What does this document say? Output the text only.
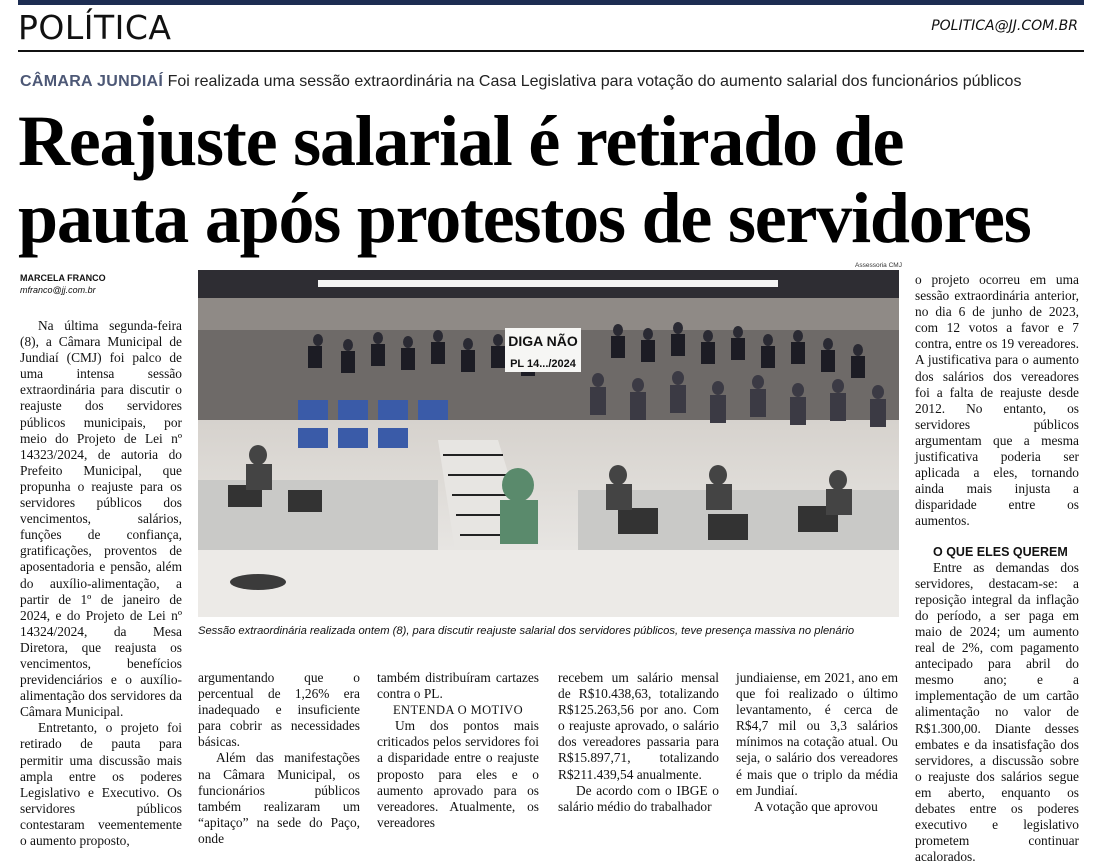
POLÍTICA	POLITICA@JJ.COM.BR
CÂMARA JUNDIAÍ Foi realizada uma sessão extraordinária na Casa Legislativa para votação do aumento salarial dos funcionários públicos
Reajuste salarial é retirado de
pauta após protestos de servidores
MARCELA FRANCO
mfranco@jj.com.br

Na última segunda-feira (8), a Câmara Municipal de Jundiaí (CMJ) foi palco de uma intensa sessão extraordinária para discutir o reajuste dos servidores públicos municipais, por meio do Projeto de Lei nº 14323/2024, de autoria do Prefeito Municipal, que propunha o reajuste para os servidores públicos dos vencimentos, salários, funções de confiança, gratificações, proventos de aposentadoria e pensão, além do auxílio-alimentação, a partir de 1º de janeiro de 2024, e do Projeto de Lei nº 14324/2024, da Mesa Diretora, que reajusta os vencimentos, benefícios previdenciários e o auxílio-alimentação dos servidores da Câmara Municipal.

Entretanto, o projeto foi retirado de pauta para permitir uma discussão mais ampla entre os poderes Legislativo e Executivo. Os servidores públicos contestaram veementemente o aumento proposto,

Assessoria CMJ
DIGA NÃO
PL 14.../2024
Sessão extraordinária realizada ontem (8), para discutir reajuste salarial dos servidores públicos, teve presença massiva no plenário

argumentando que o percentual de 1,26% era inadequado e insuficiente para cobrir as necessidades básicas.

Além das manifestações na Câmara Municipal, os funcionários públicos também realizaram um “apitaço” na sede do Paço, onde

também distribuíram cartazes contra o PL.

ENTENDA O MOTIVO

Um dos pontos mais criticados pelos servidores foi a disparidade entre o reajuste proposto para eles e o aumento aprovado para os vereadores. Atualmente, os vereadores

recebem um salário mensal de R$10.438,63, totalizando R$125.263,56 por ano. Com o reajuste aprovado, o salário dos vereadores passaria para R$15.897,71, totalizando R$211.439,54 anualmente.

De acordo com o IBGE o salário médio do trabalhador

jundiaiense, em 2021, ano em que foi realizado o último levantamento, é cerca de R$4,7 mil ou 3,3 salários mínimos na cotação atual. Ou seja, o salário dos vereadores é mais que o triplo da média em Jundiaí.

A votação que aprovou

o projeto ocorreu em uma sessão extraordinária anterior, no dia 6 de junho de 2023, com 12 votos a favor e 7 contra, entre os 19 vereadores. A justificativa para o aumento dos salários dos vereadores foi a falta de reajuste desde 2012. No entanto, os servidores públicos argumentam que a mesma justificativa poderia ser aplicada a eles, tornando ainda mais injusta a disparidade entre os aumentos.

O QUE ELES QUEREM

Entre as demandas dos servidores, destacam-se: a reposição integral da inflação do período, a ser paga em maio de 2024; um aumento real de 2%, com pagamento antecipado para abril do mesmo ano; e a implementação de um cartão alimentação no valor de R$1.300,00. Diante desses embates e da insatisfação dos servidores, a discussão sobre o reajuste dos salários segue em aberto, enquanto os debates entre os poderes executivo e legislativo prometem continuar acalorados.
